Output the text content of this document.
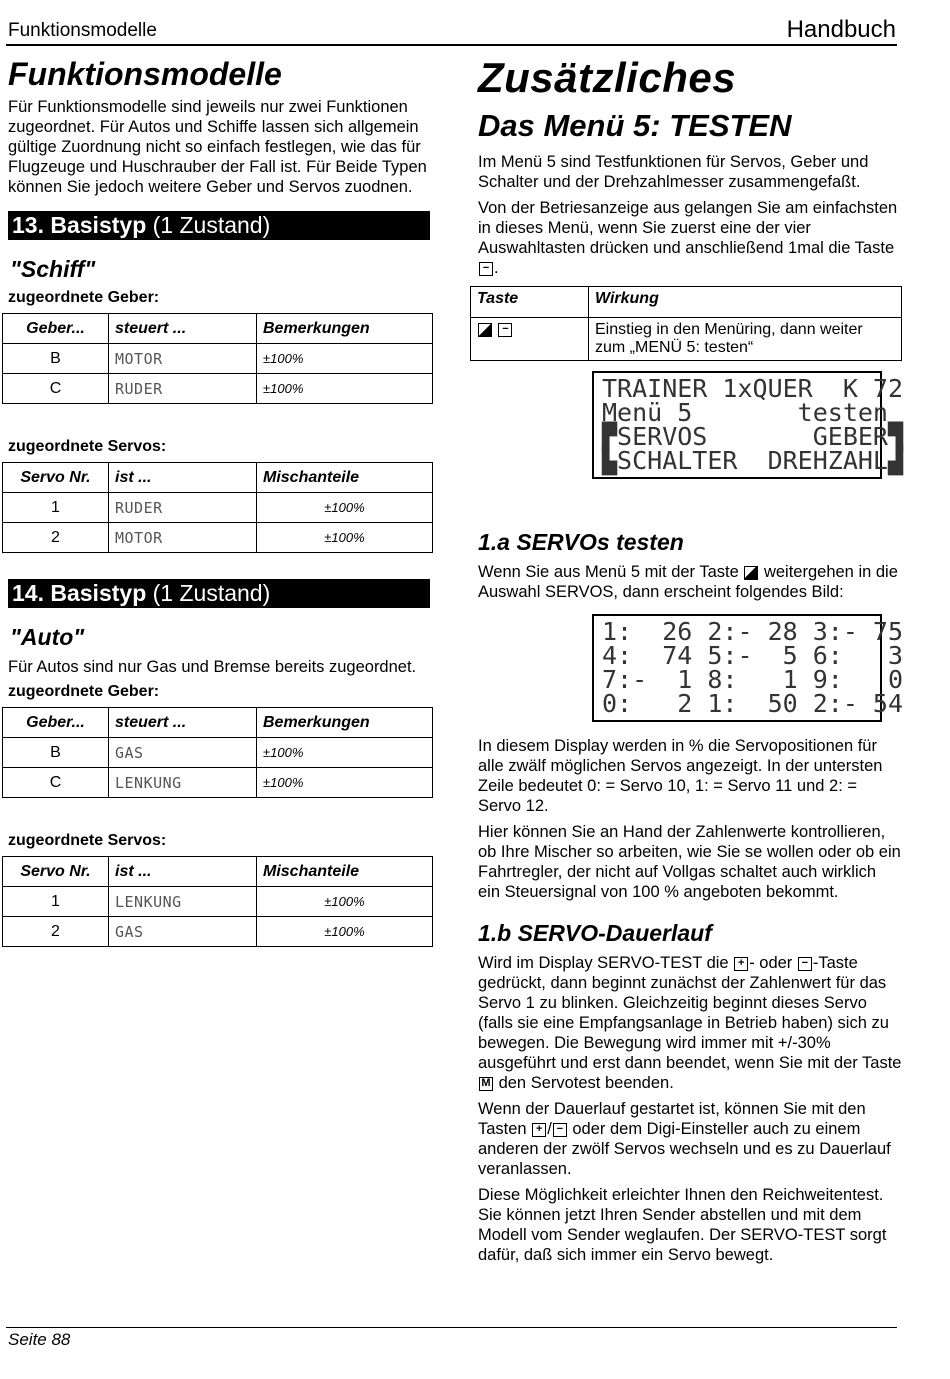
Funktionsmodelle	Handbuch
Funktionsmodelle

Für Funktionsmodelle sind jeweils nur zwei Funktionen zugeordnet. Für Autos und Schiffe lassen sich allgemein gültige Zuordnung nicht so einfach festlegen, wie das für Flugzeuge und Huschrauber der Fall ist. Für Beide Typen können Sie jedoch weitere Geber und Servos zuodnen.

13. Basistyp (1 Zustand)
"Schiff"
zugeordnete Geber:
Geber...	steuert ...	Bemerkungen
B	MOTOR	±100%
C	RUDER	±100%
zugeordnete Servos:
Servo Nr.	ist ...	Mischanteile
1	RUDER	±100%
2	MOTOR	±100%
14. Basistyp (1 Zustand)
"Auto"

Für Autos sind nur Gas und Bremse bereits zugeordnet.

zugeordnete Geber:
Geber...	steuert ...	Bemerkungen
B	GAS	±100%
C	LENKUNG	±100%
zugeordnete Servos:
Servo Nr.	ist ...	Mischanteile
1	LENKUNG	±100%
2	GAS	±100%
Zusätzliches
Das Menü 5: TESTEN

Im Menü 5 sind Testfunktionen für Servos, Geber und Schalter und der Drehzahlmesser zusammengefaßt.

Von der Betriesanzeige aus gelangen Sie am einfachsten in dieses Menü, wenn Sie zuerst eine der vier Auswahltasten drücken und anschließend 1mal die Taste − .

Taste	Wirkung
−	Einstieg in den Menüring, dann weiter zum „MENÜ 5: testen“
TRAINER 1xQUER  K 72
Menü 5       testen
▛SERVOS       GEBER▜
▙SCHALTER  DREHZAHL▟
1.a SERVOs testen

Wenn Sie aus Menü 5 mit der Taste  weitergehen in die Auswahl SERVOS, dann erscheint folgendes Bild:

1:  26 2:- 28 3:- 75
4:  74 5:-  5 6:   3
7:-  1 8:   1 9:   0
0:   2 1:  50 2:- 54

In diesem Display werden in % die Servopositionen für alle zwälf möglichen Servos angezeigt. In der untersten Zeile bedeutet 0: = Servo 10, 1: = Servo 11 und 2: = Servo 12.

Hier können Sie an Hand der Zahlenwerte kontrollieren, ob Ihre Mischer so arbeiten, wie Sie se wollen oder ob ein Fahrtregler, der nicht auf Vollgas schaltet auch wirklich ein Steuersignal von 100 % angeboten bekommt.

1.b SERVO-Dauerlauf

Wird im Display SERVO-TEST die + - oder − -Taste gedrückt, dann beginnt zunächst der Zahlenwert für das Servo 1 zu blinken. Gleichzeitig beginnt dieses Servo (falls sie eine Empfangsanlage in Betrieb haben) sich zu bewegen. Die Bewegung wird immer mit +/-30% ausgeführt und erst dann beendet, wenn Sie mit der Taste M den Servotest beenden.

Wenn der Dauerlauf gestartet ist, können Sie mit den Tasten + / − oder dem Digi-Einsteller auch zu einem anderen der zwölf Servos wechseln und es zu Dauerlauf veranlassen.

Diese Möglichkeit erleichter Ihnen den Reichweitentest. Sie können jetzt Ihren Sender abstellen und mit dem Modell vom Sender weglaufen. Der SERVO-TEST sorgt dafür, daß sich immer ein Servo bewegt.

Seite 88
